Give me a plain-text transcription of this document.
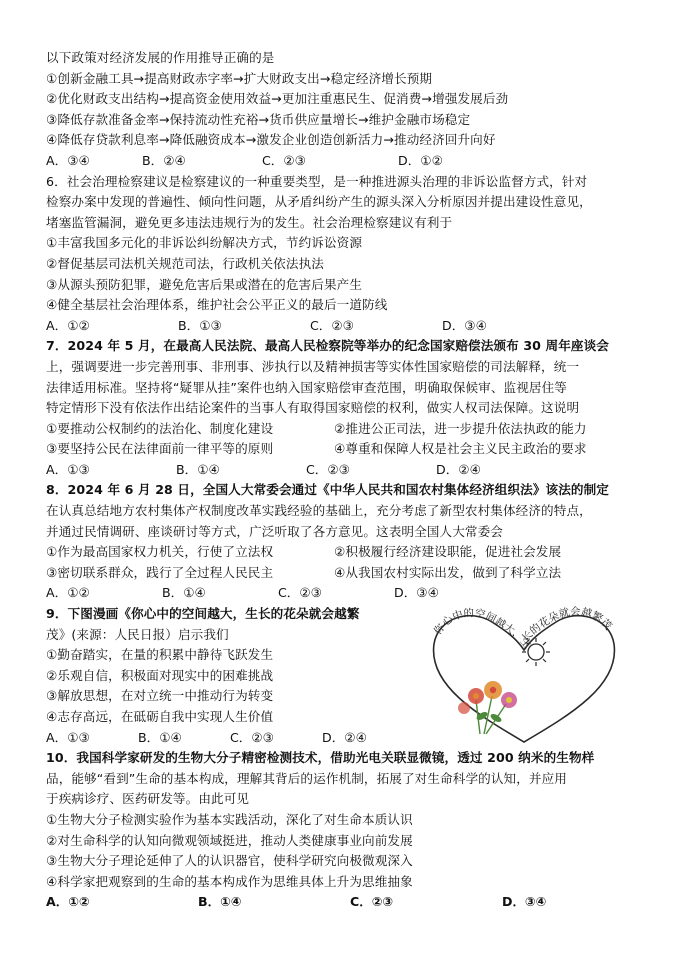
以下政策对经济发展的作用推导正确的是
①创新金融工具→提高财政赤字率→扩大财政支出→稳定经济增长预期
②优化财政支出结构→提高资金使用效益→更加注重惠民生、促消费→增强发展后劲
③降低存款准备金率→保持流动性充裕→货币供应量增长→维护金融市场稳定
④降低存贷款利息率→降低融资成本→激发企业创造创新活力→推动经济回升向好
A．③④	B．②④	C．②③	D．①②
6．社会治理检察建议是检察建议的一种重要类型，是一种推进源头治理的非诉讼监督方式，针对
检察办案中发现的普遍性、倾向性问题，从矛盾纠纷产生的源头深入分析原因并提出建设性意见，
堵塞监管漏洞，避免更多违法违规行为的发生。社会治理检察建议有利于
①丰富我国多元化的非诉讼纠纷解决方式，节约诉讼资源
②督促基层司法机关规范司法，行政机关依法执法
③从源头预防犯罪，避免危害后果或潜在的危害后果产生
④健全基层社会治理体系，维护社会公平正义的最后一道防线
A．①②	B．①③	C．②③	D．③④
7．2024 年 5 月，在最高人民法院、最高人民检察院等举办的纪念国家赔偿法颁布 30 周年座谈会
上，强调要进一步完善刑事、非刑事、涉执行以及精神损害等实体性国家赔偿的司法解释，统一
法律适用标准。坚持将“疑罪从挂”案件也纳入国家赔偿审查范围，明确取保候审、监视居住等
特定情形下没有依法作出结论案件的当事人有取得国家赔偿的权利，做实人权司法保障。这说明
①要推动公权制约的法治化、制度化建设	②推进公正司法，进一步提升依法执政的能力
③要坚持公民在法律面前一律平等的原则	④尊重和保障人权是社会主义民主政治的要求
A．①③	B．①④	C．②③	D．②④
8．2024 年 6 月 28 日，全国人大常委会通过《中华人民共和国农村集体经济组织法》该法的制定
在认真总结地方农村集体产权制度改革实践经验的基础上，充分考虑了新型农村集体经济的特点，
并通过民情调研、座谈研讨等方式，广泛听取了各方意见。这表明全国人大常委会
①作为最高国家权力机关，行使了立法权	②积极履行经济建设职能，促进社会发展
③密切联系群众，践行了全过程人民民主	④从我国农村实际出发，做到了科学立法
A．①②	B．①④	C．②③	D．③④
9．下图漫画《你心中的空间越大，生长的花朵就会越繁
茂》(来源：人民日报）启示我们
①勤奋踏实，在量的积累中静待飞跃发生
②乐观自信，积极面对现实中的困难挑战
③解放思想，在对立统一中推动行为转变
④志存高远，在砥砺自我中实现人生价值
A．①③	B．①④	C．②③	D．②④
10．我国科学家研发的生物大分子精密检测技术，借助光电关联显微镜，透过 200 纳米的生物样
品，能够“看到”生命的基本构成，理解其背后的运作机制，拓展了对生命科学的认知，并应用
于疾病诊疗、医药研发等。由此可见
①生物大分子检测实验作为基本实践活动，深化了对生命本质认识
②对生命科学的认知向微观领域挺进，推动人类健康事业向前发展
③生物大分子理论延伸了人的认识器官，使科学研究向极微观深入
④科学家把观察到的生命的基本构成作为思维具体上升为思维抽象
A．①②	B．①④	C．②③	D．③④
你心中的空间越大，生长的花朵就会越繁茂
